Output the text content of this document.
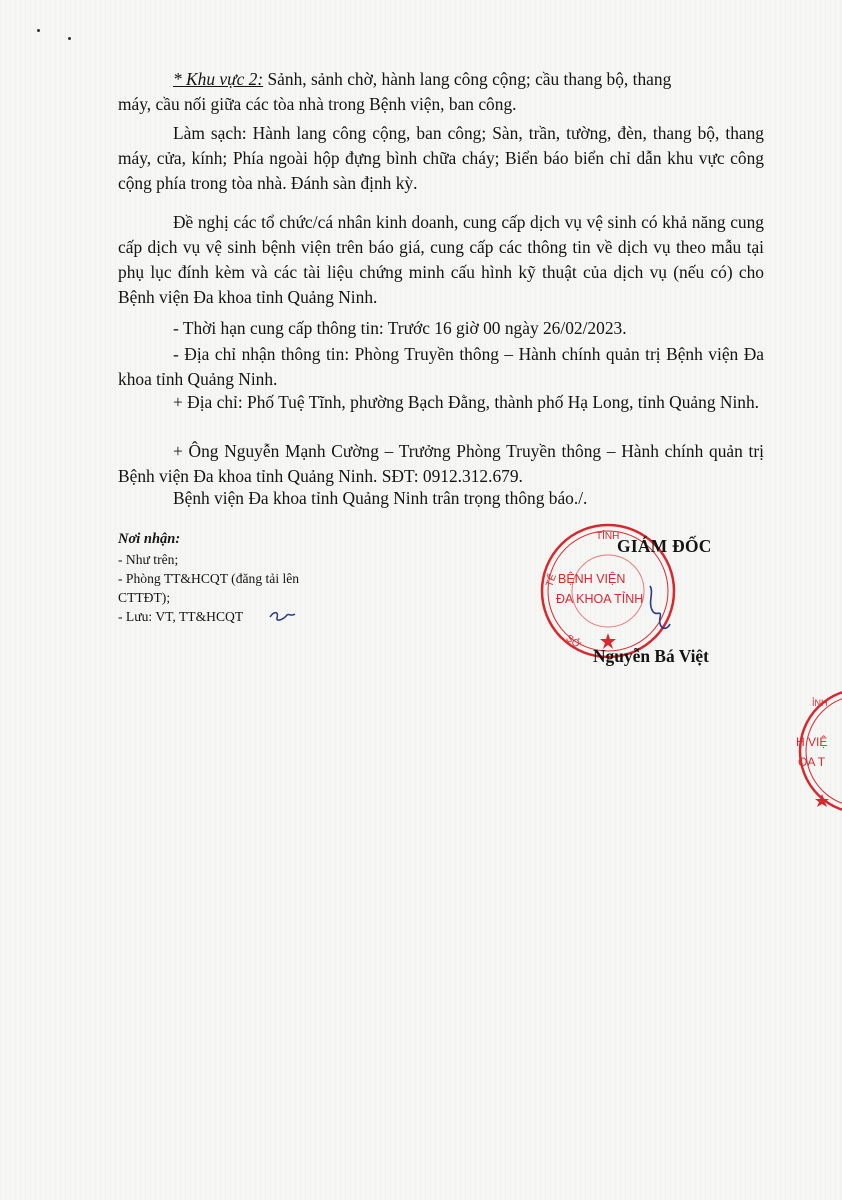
* Khu vực 2: Sảnh, sảnh chờ, hành lang công cộng; cầu thang bộ, thang

máy, cầu nối giữa các tòa nhà trong Bệnh viện, ban công.

Làm sạch: Hành lang công cộng, ban công; Sàn, trần, tường, đèn, thang bộ, thang máy, cửa, kính; Phía ngoài hộp đựng bình chữa cháy; Biển báo biển chỉ dẫn khu vực công cộng phía trong tòa nhà. Đánh sàn định kỳ.
Đề nghị các tổ chức/cá nhân kinh doanh, cung cấp dịch vụ vệ sinh có khả năng cung cấp dịch vụ vệ sinh bệnh viện trên báo giá, cung cấp các thông tin về dịch vụ theo mẫu tại phụ lục đính kèm và các tài liệu chứng minh cấu hình kỹ thuật của dịch vụ (nếu có) cho Bệnh viện Đa khoa tỉnh Quảng Ninh.

- Thời hạn cung cấp thông tin: Trước 16 giờ 00 ngày 26/02/2023.

- Địa chỉ nhận thông tin: Phòng Truyền thông – Hành chính quản trị Bệnh viện Đa khoa tỉnh Quảng Ninh.
+ Địa chỉ: Phố Tuệ Tĩnh, phường Bạch Đằng, thành phố Hạ Long, tỉnh Quảng Ninh.
+ Ông Nguyễn Mạnh Cường – Trưởng Phòng Truyền thông – Hành chính quản trị Bệnh viện Đa khoa tỉnh Quảng Ninh. SĐT: 0912.312.679.

Bệnh viện Đa khoa tỉnh Quảng Ninh trân trọng thông báo./.

Nơi nhận:
- Như trên;
- Phòng TT&HCQT (đăng tải lên
CTTĐT);
- Lưu: VT, TT&HCQT
TỈNH
TẾ
SỞ
BỆNH VIỆN
ĐA KHOA TỈNH
GIÁM ĐỐC
Nguyễn Bá Việt
ỈNH
H VIỆ
OA T
